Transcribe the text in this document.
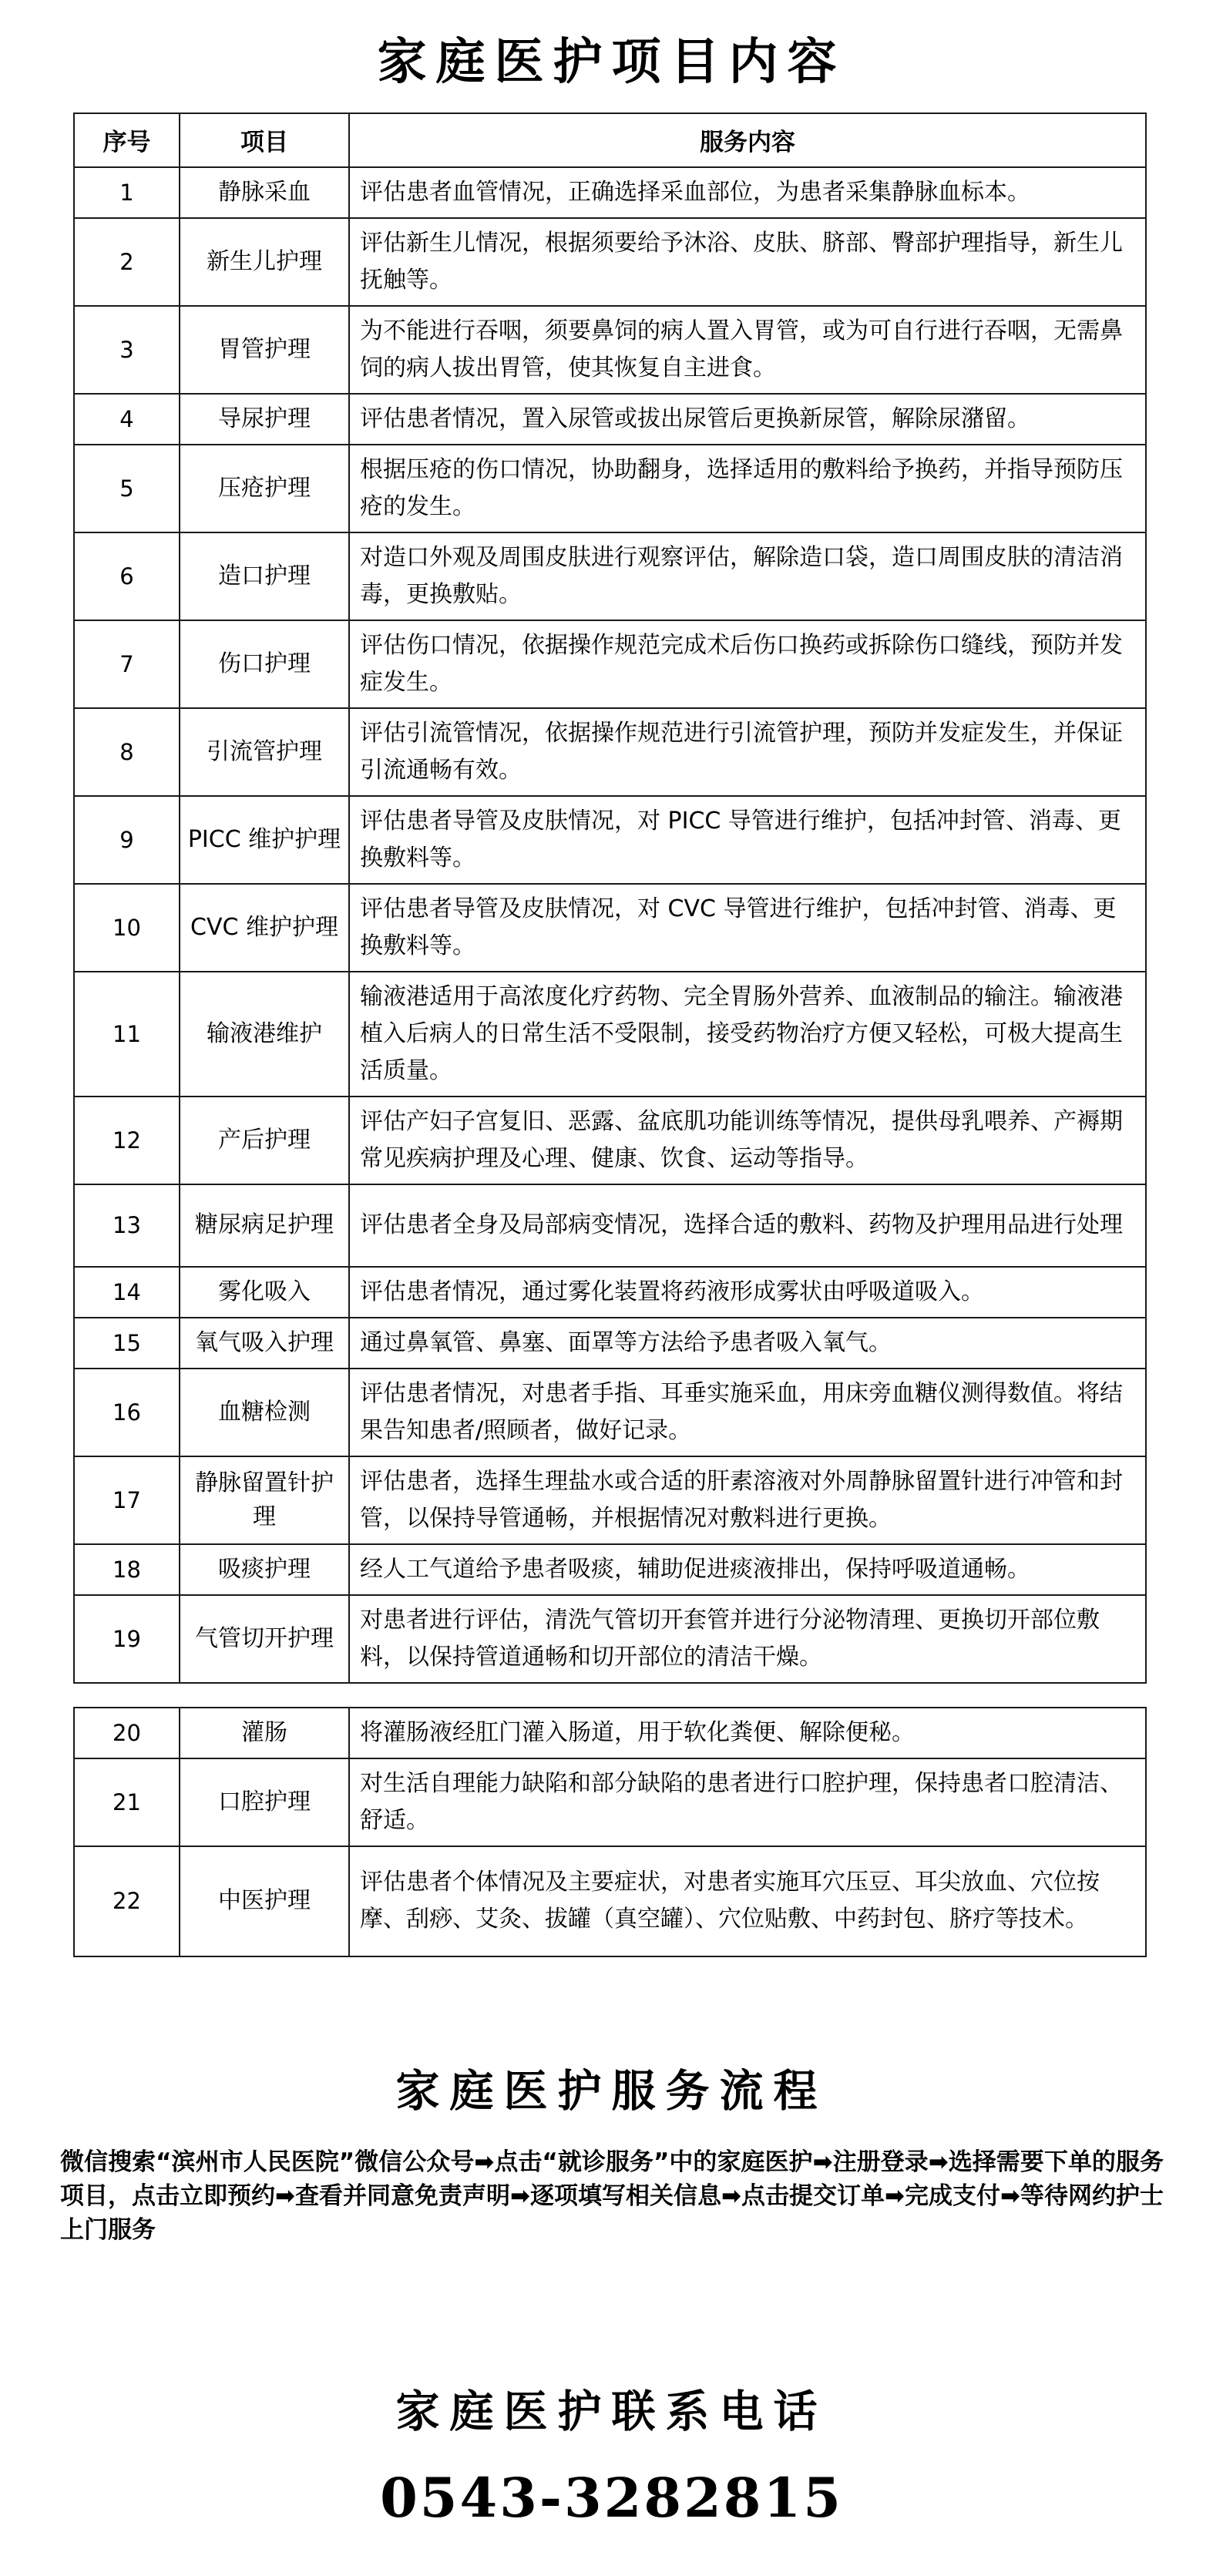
家庭医护项目内容
序号	项目	服务内容
1	静脉采血	评估患者血管情况，正确选择采血部位，为患者采集静脉血标本。
2	新生儿护理	评估新生儿情况，根据须要给予沐浴、皮肤、脐部、臀部护理指导，新生儿抚触等。
3	胃管护理	为不能进行吞咽，须要鼻饲的病人置入胃管，或为可自行进行吞咽，无需鼻饲的病人拔出胃管，使其恢复自主进食。
4	导尿护理	评估患者情况，置入尿管或拔出尿管后更换新尿管，解除尿潴留。
5	压疮护理	根据压疮的伤口情况，协助翻身，选择适用的敷料给予换药，并指导预防压疮的发生。
6	造口护理	对造口外观及周围皮肤进行观察评估，解除造口袋，造口周围皮肤的清洁消毒，更换敷贴。
7	伤口护理	评估伤口情况，依据操作规范完成术后伤口换药或拆除伤口缝线，预防并发症发生。
8	引流管护理	评估引流管情况，依据操作规范进行引流管护理，预防并发症发生，并保证引流通畅有效。
9	PICC 维护护理	评估患者导管及皮肤情况，对 PICC 导管进行维护，包括冲封管、消毒、更换敷料等。
10	CVC 维护护理	评估患者导管及皮肤情况，对 CVC 导管进行维护，包括冲封管、消毒、更换敷料等。
11	输液港维护	输液港适用于高浓度化疗药物、完全胃肠外营养、血液制品的输注。输液港植入后病人的日常生活不受限制，接受药物治疗方便又轻松，可极大提高生活质量。
12	产后护理	评估产妇子宫复旧、恶露、盆底肌功能训练等情况，提供母乳喂养、产褥期常见疾病护理及心理、健康、饮食、运动等指导。
13	糖尿病足护理	评估患者全身及局部病变情况，选择合适的敷料、药物及护理用品进行处理
14	雾化吸入	评估患者情况，通过雾化装置将药液形成雾状由呼吸道吸入。
15	氧气吸入护理	通过鼻氧管、鼻塞、面罩等方法给予患者吸入氧气。
16	血糖检测	评估患者情况，对患者手指、耳垂实施采血，用床旁血糖仪测得数值。将结果告知患者/照顾者，做好记录。
17	静脉留置针护理	评估患者，选择生理盐水或合适的肝素溶液对外周静脉留置针进行冲管和封管，以保持导管通畅，并根据情况对敷料进行更换。
18	吸痰护理	经人工气道给予患者吸痰，辅助促进痰液排出，保持呼吸道通畅。
19	气管切开护理	对患者进行评估，清洗气管切开套管并进行分泌物清理、更换切开部位敷料，以保持管道通畅和切开部位的清洁干燥。
20	灌肠	将灌肠液经肛门灌入肠道，用于软化粪便、解除便秘。
21	口腔护理	对生活自理能力缺陷和部分缺陷的患者进行口腔护理，保持患者口腔清洁、舒适。
22	中医护理	评估患者个体情况及主要症状，对患者实施耳穴压豆、耳尖放血、穴位按摩、刮痧、艾灸、拔罐（真空罐）、穴位贴敷、中药封包、脐疗等技术。
家庭医护服务流程
微信搜索“滨州市人民医院”微信公众号➡点击“就诊服务”中的家庭医护➡注册登录➡选择需要下单的服务项目，点击立即预约➡查看并同意免责声明➡逐项填写相关信息➡点击提交订单➡完成支付➡等待网约护士上门服务
家庭医护联系电话
0543-3282815
